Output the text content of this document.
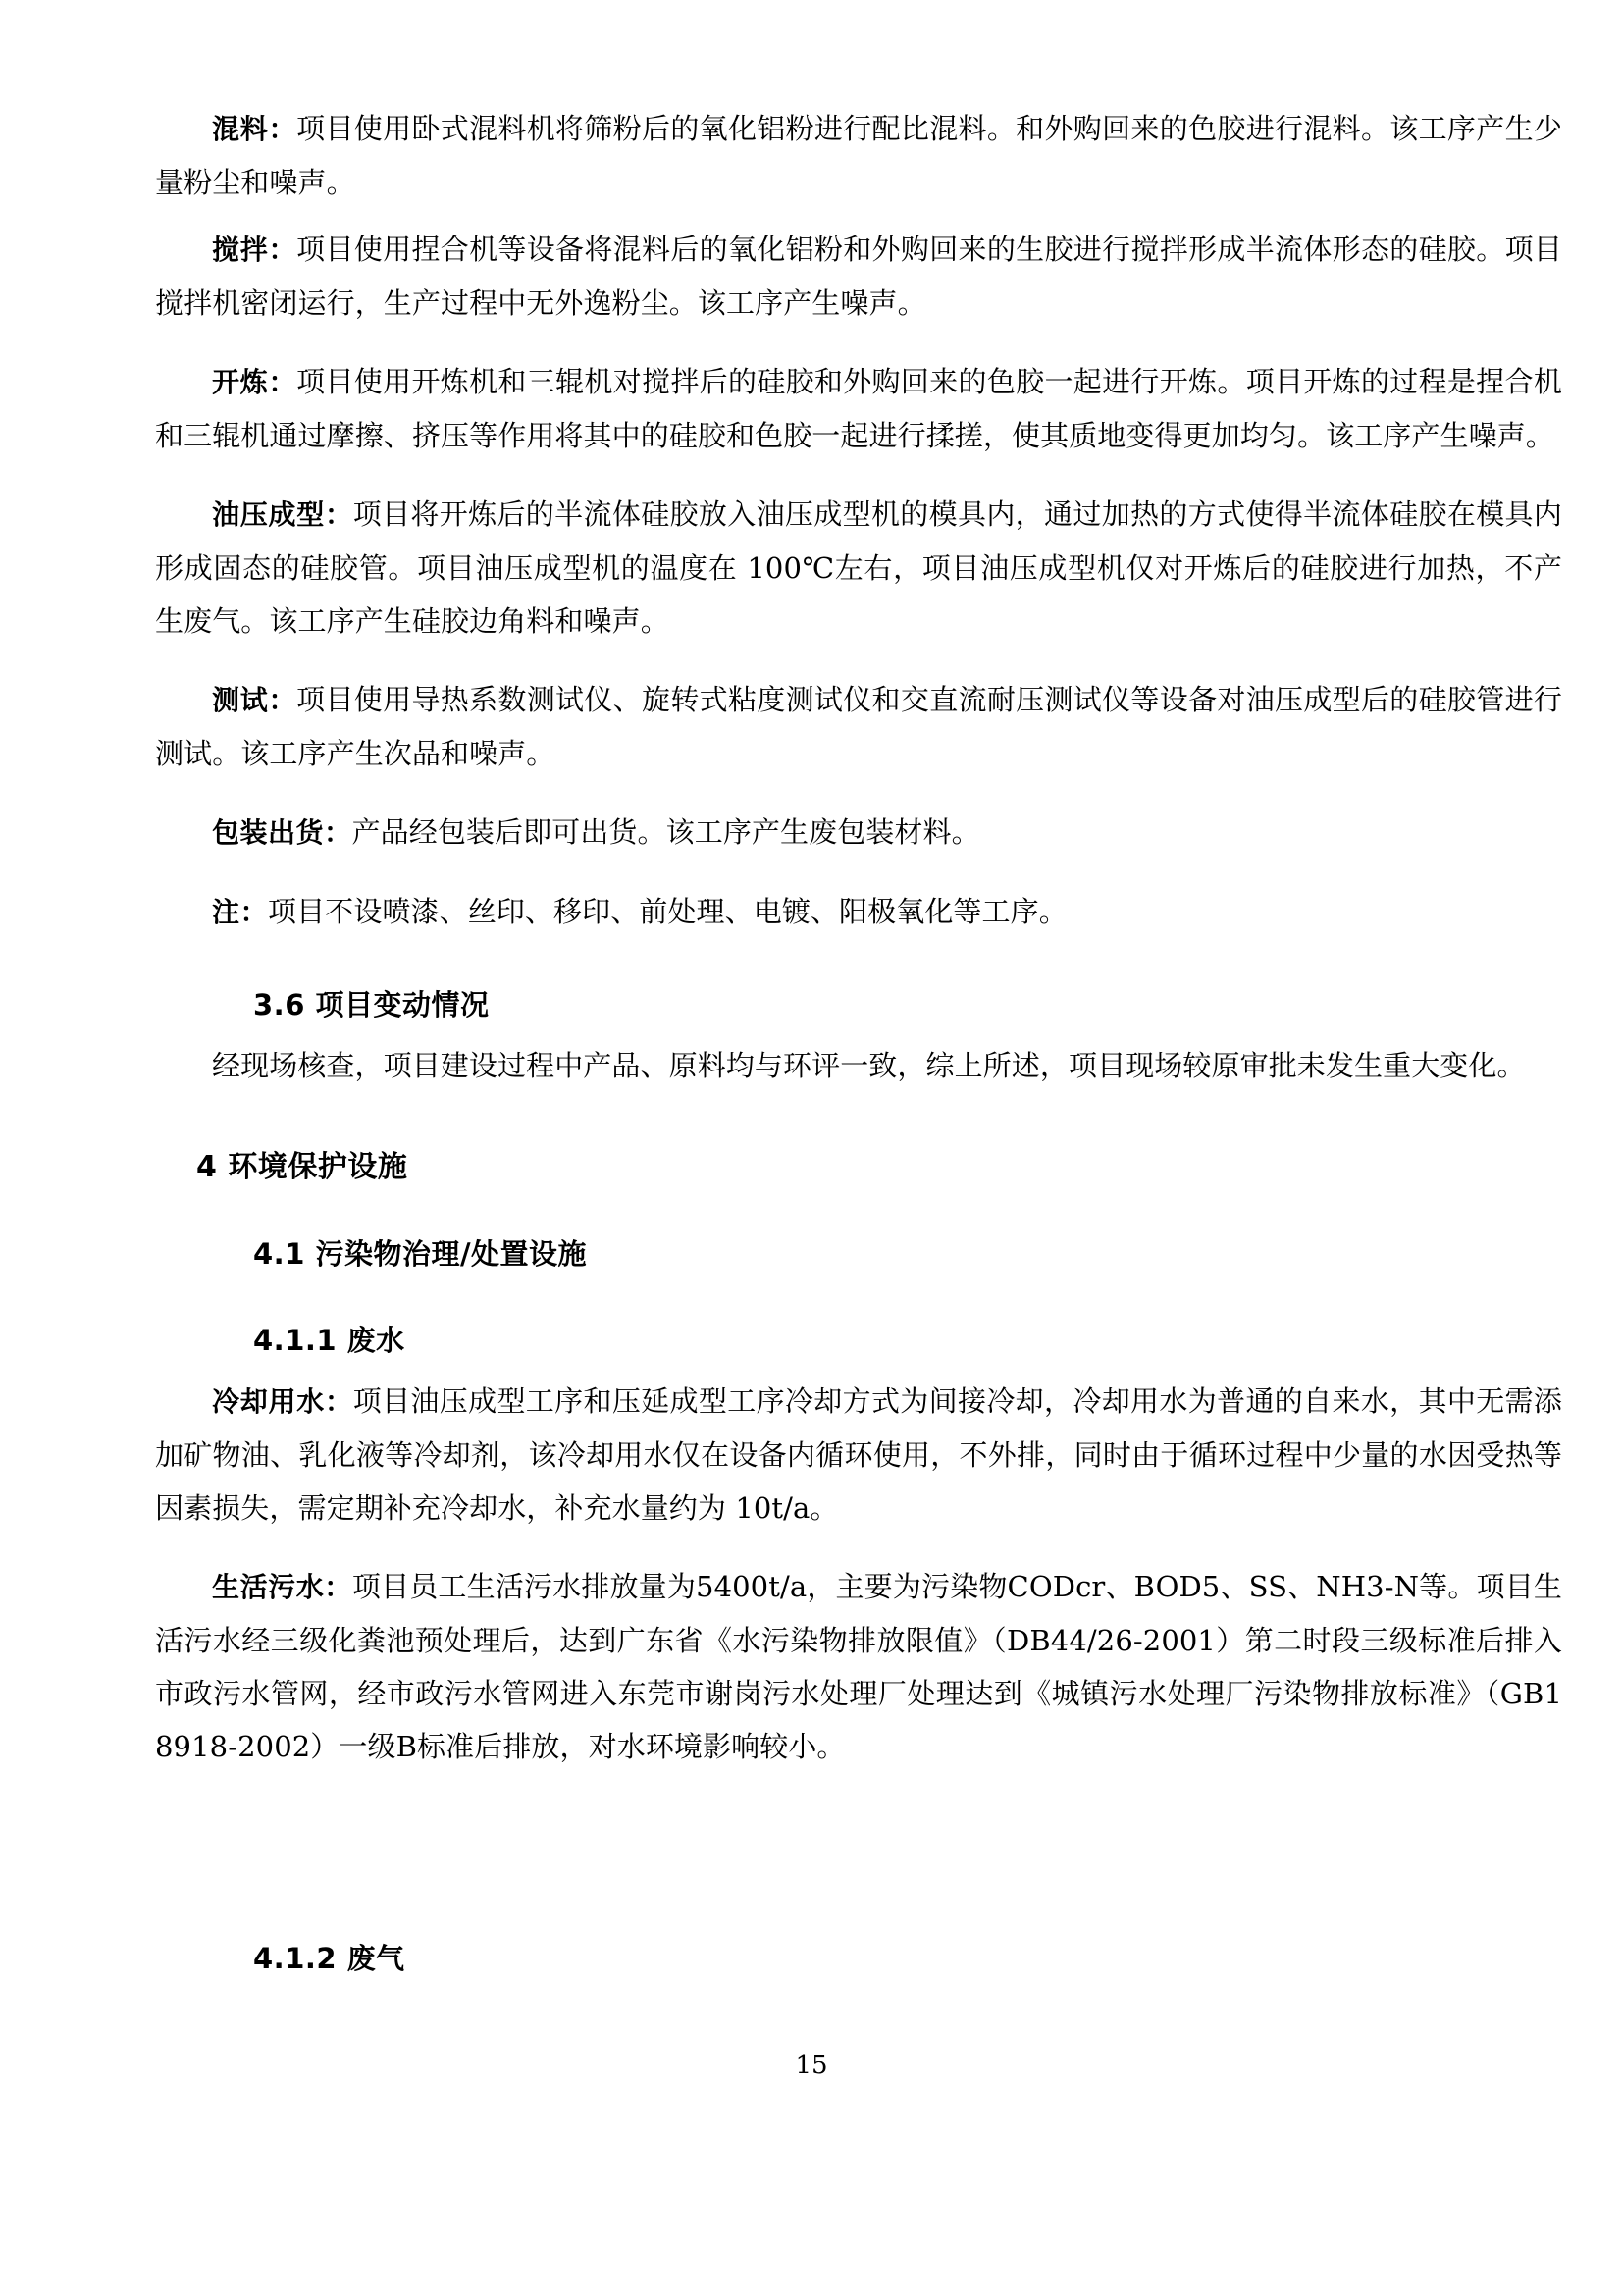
混料：项目使用卧式混料机将筛粉后的氧化铝粉进行配比混料。和外购回来的色胶进行混料。该工序产生少量粉尘和噪声。

搅拌：项目使用捏合机等设备将混料后的氧化铝粉和外购回来的生胶进行搅拌形成半流体形态的硅胶。项目搅拌机密闭运行，生产过程中无外逸粉尘。该工序产生噪声。

开炼：项目使用开炼机和三辊机对搅拌后的硅胶和外购回来的色胶一起进行开炼。项目开炼的过程是捏合机和三辊机通过摩擦、挤压等作用将其中的硅胶和色胶一起进行揉搓，使其质地变得更加均匀。该工序产生噪声。

油压成型：项目将开炼后的半流体硅胶放入油压成型机的模具内，通过加热的方式使得半流体硅胶在模具内形成固态的硅胶管。项目油压成型机的温度在 100℃左右，项目油压成型机仅对开炼后的硅胶进行加热，不产生废气。该工序产生硅胶边角料和噪声。

测试：项目使用导热系数测试仪、旋转式粘度测试仪和交直流耐压测试仪等设备对油压成型后的硅胶管进行测试。该工序产生次品和噪声。

包装出货：产品经包装后即可出货。该工序产生废包装材料。

注：项目不设喷漆、丝印、移印、前处理、电镀、阳极氧化等工序。

3.6 项目变动情况

经现场核查，项目建设过程中产品、原料均与环评一致，综上所述，项目现场较原审批未发生重大变化。

4 环境保护设施
4.1 污染物治理/处置设施
4.1.1 废水

冷却用水：项目油压成型工序和压延成型工序冷却方式为间接冷却，冷却用水为普通的自来水，其中无需添加矿物油、乳化液等冷却剂，该冷却用水仅在设备内循环使用，不外排，同时由于循环过程中少量的水因受热等因素损失，需定期补充冷却水，补充水量约为 10t/a。

生活污水：项目员工生活污水排放量为5400t/a，主要为污染物CODcr、BOD5、SS、NH3-N等。项目生活污水经三级化粪池预处理后，达到广东省《水污染物排放限值》（DB44/26-2001）第二时段三级标准后排入市政污水管网，经市政污水管网进入东莞市谢岗污水处理厂处理达到《城镇污水处理厂污染物排放标准》（GB18918-2002）一级B标准后排放，对水环境影响较小。

4.1.2 废气
15
